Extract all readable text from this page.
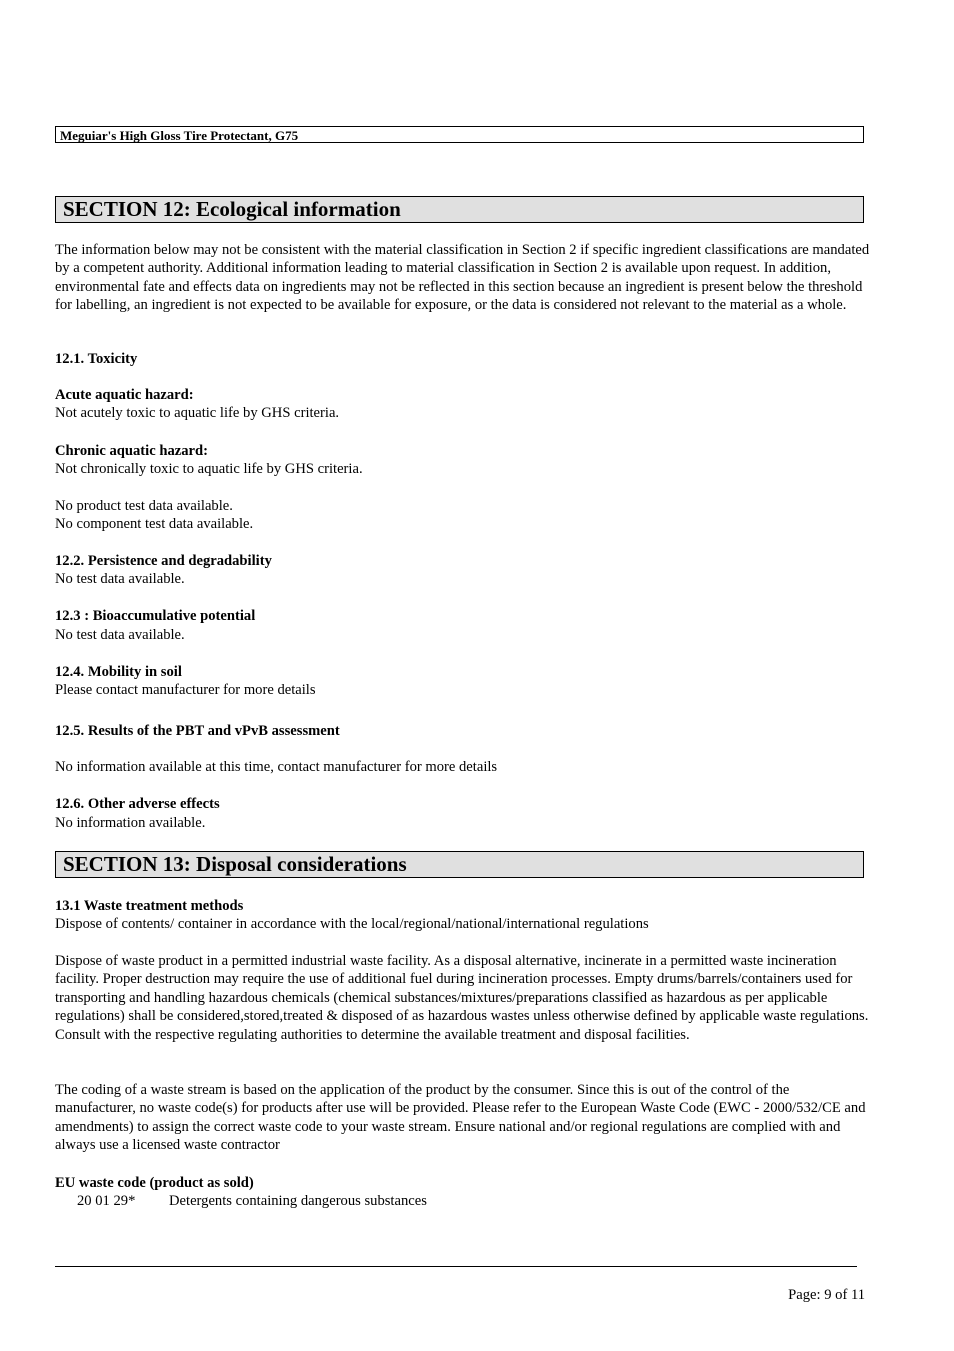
Meguiar's High Gloss Tire Protectant, G75
SECTION 12: Ecological information
The information below may not be consistent with the material classification in Section 2 if specific ingredient classifications are mandated by a competent authority. Additional information leading to material classification in Section 2 is available upon request. In addition, environmental fate and effects data on ingredients may not be reflected in this section because an ingredient is present below the threshold for labelling, an ingredient is not expected to be available for exposure, or the data is considered not relevant to the material as a whole.
12.1. Toxicity
Acute aquatic hazard:
Not acutely toxic to aquatic life by GHS criteria.
Chronic aquatic hazard:
Not chronically toxic to aquatic life by GHS criteria.
No product test data available.
No component test data available.
12.2. Persistence and degradability
No test data available.
12.3 : Bioaccumulative potential
No test data available.
12.4. Mobility in soil
Please contact manufacturer for more details
12.5. Results of the PBT and vPvB assessment
No information available at this time, contact manufacturer for more details
12.6. Other adverse effects
No information available.
SECTION 13: Disposal considerations
13.1 Waste treatment methods
Dispose of contents/ container in accordance with the local/regional/national/international regulations
Dispose of waste product in a permitted industrial waste facility. As a disposal alternative, incinerate in a permitted waste incineration facility. Proper destruction may require the use of additional fuel during incineration processes. Empty drums/barrels/containers used for transporting and handling hazardous chemicals (chemical substances/mixtures/preparations classified as hazardous as per applicable regulations) shall be considered,stored,treated & disposed of as hazardous wastes unless otherwise defined by applicable waste regulations. Consult with the respective regulating authorities to determine the available treatment and disposal facilities.
The coding of a waste stream is based on the application of the product by the consumer. Since this is out of the control of the manufacturer, no waste code(s) for products after use will be provided. Please refer to the European Waste Code (EWC - 2000/532/CE and amendments) to assign the correct waste code to your waste stream. Ensure national and/or regional regulations are complied with and always use a licensed waste contractor
EU waste code (product as sold)
20 01 29* Detergents containing dangerous substances
Page: 9 of 11
